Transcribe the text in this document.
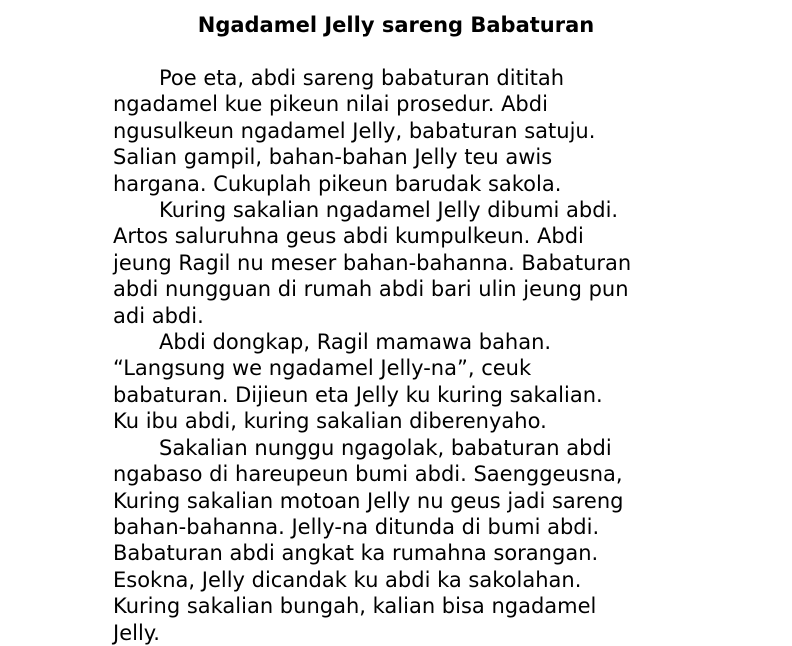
Ngadamel Jelly sareng Babaturan

Poe eta, abdi sareng babaturan dititah
ngadamel kue pikeun nilai prosedur. Abdi
ngusulkeun ngadamel Jelly, babaturan satuju.
Salian gampil, bahan-bahan Jelly teu awis
hargana. Cukuplah pikeun barudak sakola.

Kuring sakalian ngadamel Jelly dibumi abdi.
Artos saluruhna geus abdi kumpulkeun. Abdi
jeung Ragil nu meser bahan-bahanna. Babaturan
abdi nungguan di rumah abdi bari ulin jeung pun
adi abdi.

Abdi dongkap, Ragil mamawa bahan.
“Langsung we ngadamel Jelly-na”, ceuk
babaturan. Dijieun eta Jelly ku kuring sakalian.
Ku ibu abdi, kuring sakalian diberenyaho.

Sakalian nunggu ngagolak, babaturan abdi
ngabaso di hareupeun bumi abdi. Saenggeusna,
Kuring sakalian motoan Jelly nu geus jadi sareng
bahan-bahanna. Jelly-na ditunda di bumi abdi.
Babaturan abdi angkat ka rumahna sorangan.
Esokna, Jelly dicandak ku abdi ka sakolahan.
Kuring sakalian bungah, kalian bisa ngadamel
Jelly.
